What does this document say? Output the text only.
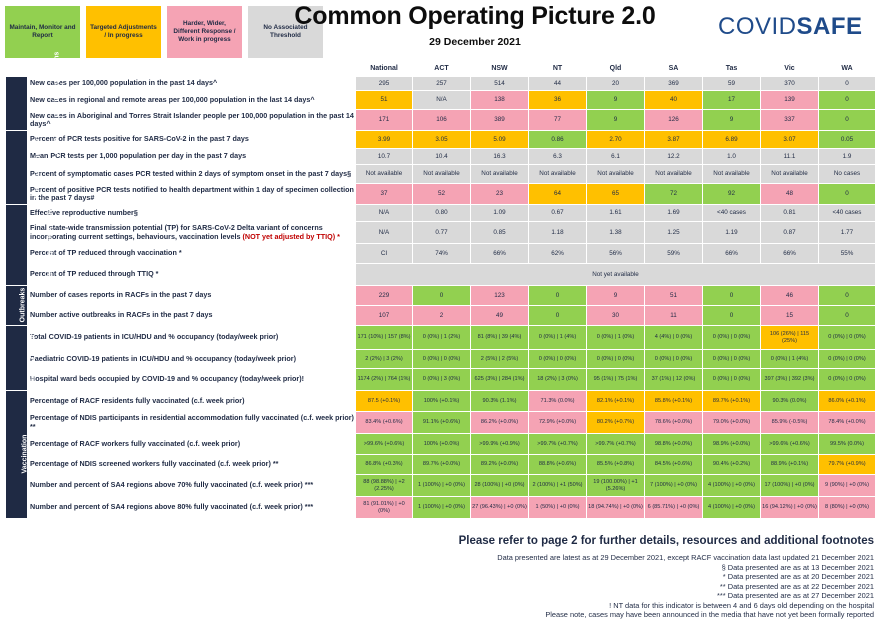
Maintain, Monitor and Report
Targeted Adjustments / In progress
Harder, Wider, Different Response / Work in progress
No Associated Threshold
Common Operating Picture 2.0
29 December 2021
COVIDSAFE
		National	ACT	NSW	NT	Qld	SA	Tas	Vic	WA
Cases and priority populations	New cases per 100,000 population in the past 14 days^	295	257	514	44	20	369	59	370	0
	New cases in regional and remote areas per 100,000 population in the last 14 days^	51	N/A	138	36	9	40	17	139	0
	New cases in Aboriginal and Torres Strait Islander people per 100,000 population in the past 14 days^	171	106	389	77	9	126	9	337	0
TTIQ raw indicators	Percent of PCR tests positive for SARS-CoV-2 in the past 7 days	3.99	3.05	5.09	0.86	2.70	3.87	6.89	3.07	0.05
	Mean PCR tests per 1,000 population per day in the past 7 days	10.7	10.4	16.3	6.3	6.1	12.2	1.0	11.1	1.9
	Percent of symptomatic cases PCR tested within 2 days of symptom onset in the past 7 days§	Not available	Not available	Not available	Not available	Not available	Not available	Not available	Not available	No cases
	Percent of positive PCR tests notified to health department within 1 day of specimen collection in the past 7 days#	37	52	23	64	65	72	92	48	0
Modelled epidemic activity	Effective reproductive number§	N/A	0.80	1.09	0.67	1.61	1.69	<40 cases	0.81	<40 cases
	Final state-wide transmission potential (TP) for SARS-CoV-2 Delta variant of concerns incorporating current settings, behaviours, vaccination levels (NOT yet adjusted by TTIQ) *	N/A	0.77	0.85	1.18	1.38	1.25	1.19	0.87	1.77
	Percent of TP reduced through vaccination *	CI	74%	66%	62%	56%	59%	66%	66%	55%
	Percent of TP reduced through TTIQ *	Not yet available								
Outbreaks	Number of cases reports in RACFs in the past 7 days	229	0	123	0	9	51	0	46	0
	Number active outbreaks in RACFs in the past 7 days	107	2	49	0	30	11	0	15	0
Clinical Capacity	Total COVID-19 patients in ICU/HDU and % occupancy (today/week prior)	171 (10%) | 157 (8%)	0 (0%) | 1 (2%)	81 (8%) | 39 (4%)	0 (0%) | 1 (4%)	0 (0%) | 1 (0%)	4 (4%) | 0 (0%)	0 (0%) | 0 (0%)	106 (26%) | 115 (25%)	0 (0%) | 0 (0%)
	Paediatric COVID-19 patients in ICU/HDU and % occupancy (today/week prior)	2 (2%) | 3 (2%)	0 (0%) | 0 (0%)	2 (5%) | 2 (5%)	0 (0%) | 0 (0%)	0 (0%) | 0 (0%)	0 (0%) | 0 (0%)	0 (0%) | 0 (0%)	0 (0%) | 1 (4%)	0 (0%) | 0 (0%)
	Hospital ward beds occupied by COVID-19 and % occupancy (today/week prior)!	1174 (2%) | 764 (1%)	0 (0%) | 3 (0%)	625 (3%) | 284 (1%)	18 (2%) | 3 (0%)	95 (1%) | 75 (1%)	37 (1%) | 12 (0%)	0 (0%) | 0 (0%)	397 (3%) | 392 (3%)	0 (0%) | 0 (0%)
Vaccination	Percentage of RACF residents fully vaccinated (c.f. week prior)	87.5 (+0.1%)	100% (+0.1%)	90.3% (1.1%)	71.3% (0.0%)	82.1% (+0.1%)	85.8% (+0.1%)	89.7% (+0.1%)	90.3% (0.0%)	86.0% (+0.1%)
	Percentage of NDIS participants in residential accommodation fully vaccinated (c.f. week prior) **	83.4% (+0.6%)	91.1% (+0.6%)	86.2% (+0.0%)	72.9% (+0.0%)	80.2% (+0.7%)	78.6% (+0.0%)	79.0% (+0.0%)	85.9% (-0.5%)	78.4% (+0.0%)
	Percentage of RACF workers fully vaccinated (c.f. week prior)	>99.6% (+0.6%)	100% (+0.0%)	>99.9% (+0.9%)	>99.7% (+0.7%)	>99.7% (+0.7%)	98.8% (+0.0%)	98.9% (+0.0%)	>99.6% (+0.6%)	99.5% (0.0%)
	Percentage of NDIS screened workers fully vaccinated (c.f. week prior) **	86.8% (+0.3%)	89.7% (+0.0%)	89.2% (+0.0%)	88.8% (+0.6%)	85.5% (+0.8%)	84.5% (+0.6%)	90.4% (+0.2%)	88.9% (+0.1%)	79.7% (+0.9%)
	Number and percent of SA4 regions above 70% fully vaccinated (c.f. week prior) ***	88 (98.88%) | +2 (2.25%)	1 (100%) | +0 (0%)	28 (100%) | +0 (0%)	2 (100%) | +1 (50%)	19 (100.00%) | +1 (5.26%)	7 (100%) | +0 (0%)	4 (100%) | +0 (0%)	17 (100%) | +0 (0%)	9 (90%) | +0 (0%)
	Number and percent of SA4 regions above 80% fully vaccinated (c.f. week prior) ***	81 (91.01%) | +0 (0%)	1 (100%) | +0 (0%)	27 (96.43%) | +0 (0%)	1 (50%) | +0 (0%)	18 (94.74%) | +0 (0%)	6 (85.71%) | +0 (0%)	4 (100%) | +0 (0%)	16 (94.12%) | +0 (0%)	8 (80%) | +0 (0%)
Please refer to page 2 for further details, resources and additional footnotes
Data presented are latest as at 29 December 2021, except RACF vaccination data last updated 21 December 2021
§ Data presented are as at 13 December 2021
* Data presented are as at 20 December 2021
** Data presented are as at 22 December 2021
*** Data presented are as at 27 December 2021
! NT data for this indicator is between 4 and 6 days old depending on the hospital
Please note, cases may have been announced in the media that have not yet been formally reported
